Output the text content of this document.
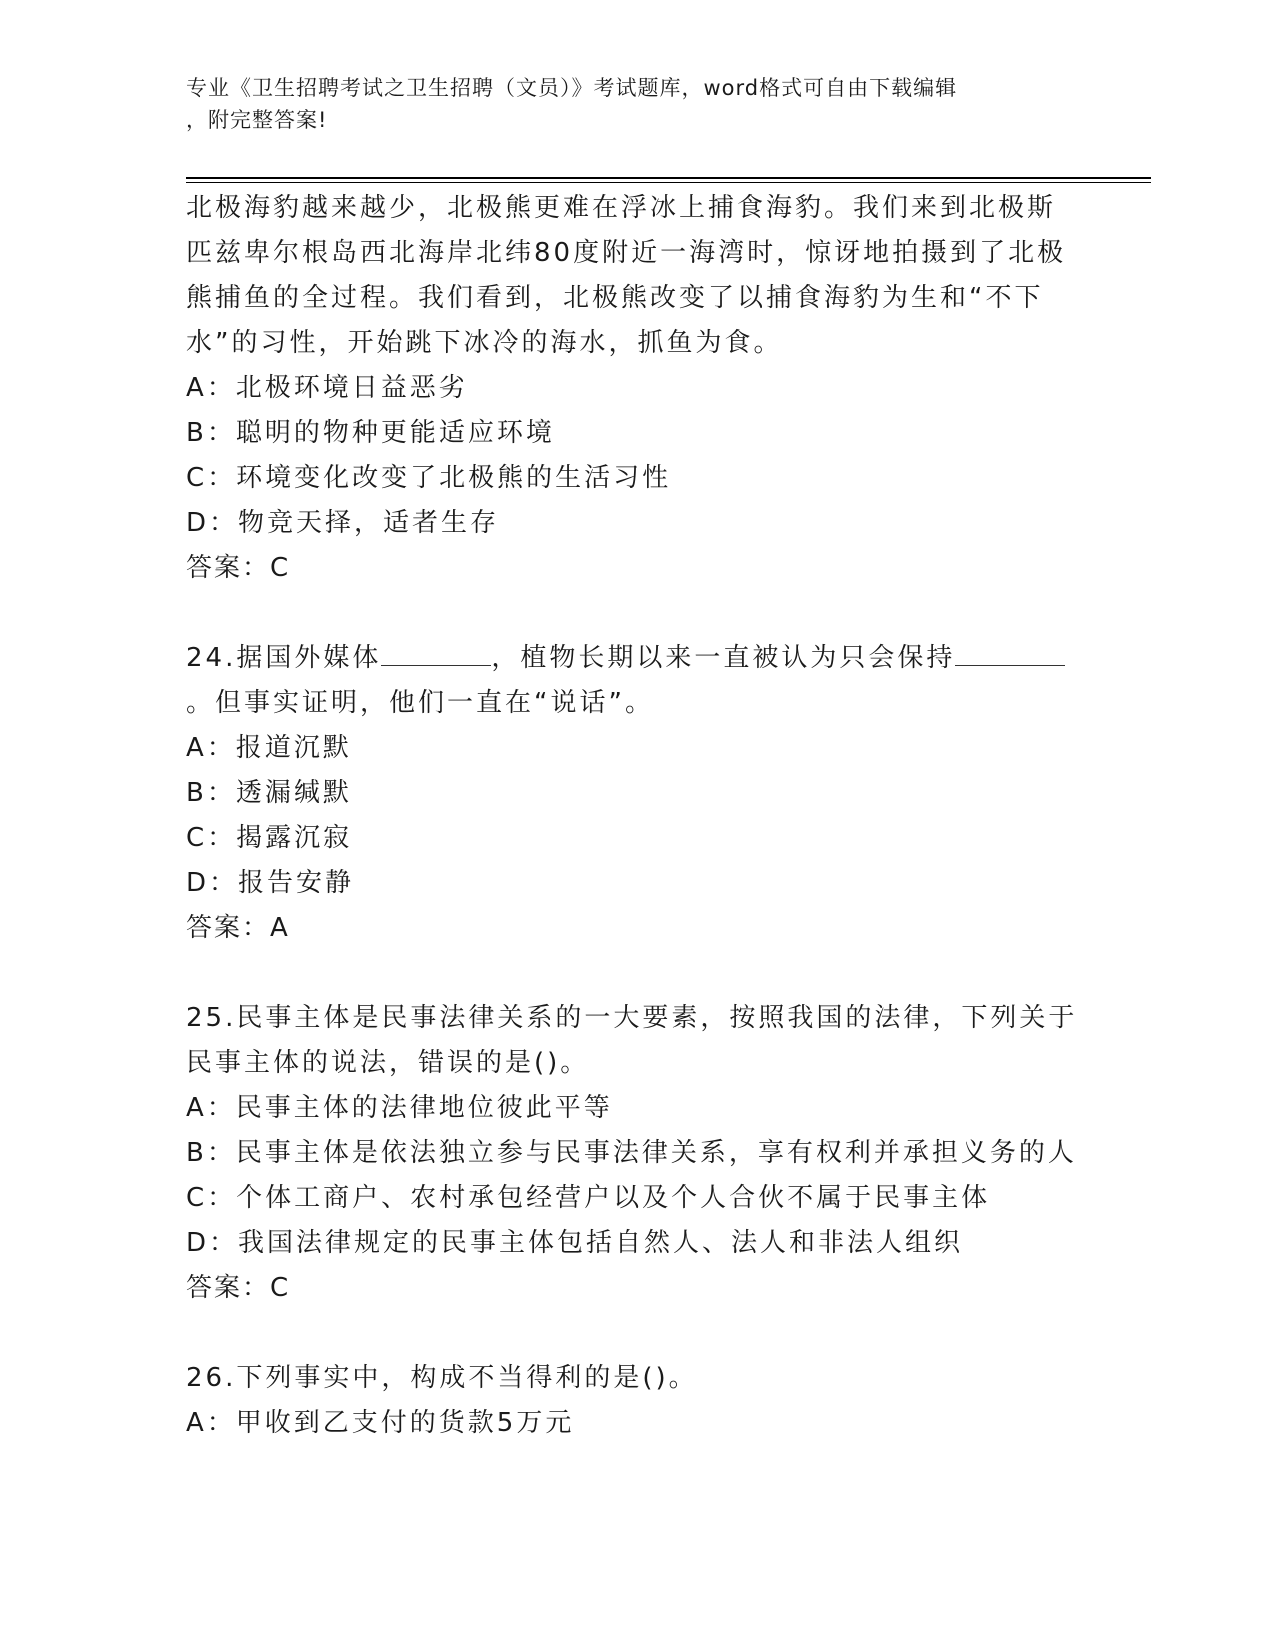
专业《卫生招聘考试之卫生招聘（文员）》考试题库，word格式可自由下载编辑
，附完整答案!
北极海豹越来越少，北极熊更难在浮冰上捕食海豹。我们来到北极斯
匹兹卑尔根岛西北海岸北纬80度附近一海湾时，惊讶地拍摄到了北极
熊捕鱼的全过程。我们看到，北极熊改变了以捕食海豹为生和“不下
水”的习性，开始跳下冰冷的海水，抓鱼为食。
A：北极环境日益恶劣
B：聪明的物种更能适应环境
C：环境变化改变了北极熊的生活习性
D：物竞天择，适者生存
答案：C
24.据国外媒体	，植物长期以来一直被认为只会保持
。但事实证明，他们一直在“说话”。
A：报道沉默
B：透漏缄默
C：揭露沉寂
D：报告安静
答案：A
25.民事主体是民事法律关系的一大要素，按照我国的法律，下列关于
民事主体的说法，错误的是()。
A：民事主体的法律地位彼此平等
B：民事主体是依法独立参与民事法律关系，享有权利并承担义务的人
C：个体工商户、农村承包经营户以及个人合伙不属于民事主体
D：我国法律规定的民事主体包括自然人、法人和非法人组织
答案：C
26.下列事实中，构成不当得利的是()。
A：甲收到乙支付的货款5万元
